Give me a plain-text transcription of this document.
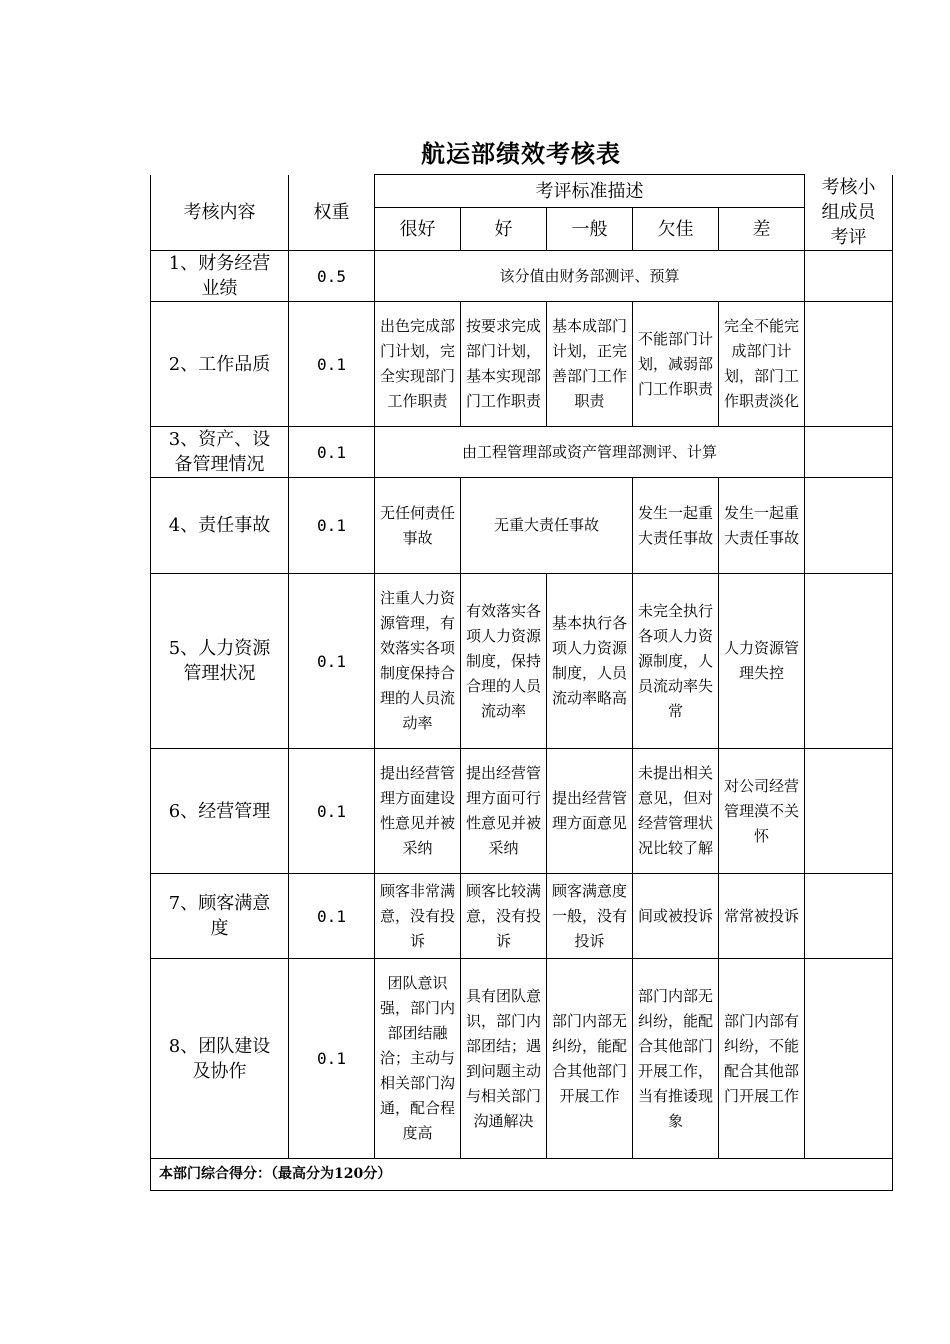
航运部绩效考核表
考核内容	权重	考评标准描述					考核小组成员考评
		很好	好	一般	欠佳	差	
1、财务经营业绩	0.5	该分值由财务部测评、预算					
2、工作品质	0.1	出色完成部门计划，完全实现部门工作职责	按要求完成部门计划，基本实现部门工作职责	基本成部门计划，正完善部门工作职责	不能部门计划，减弱部门工作职责	完全不能完成部门计划，部门工作职责淡化	
3、资产、设备管理情况	0.1	由工程管理部或资产管理部测评、计算					
4、责任事故	0.1	无任何责任事故	无重大责任事故		发生一起重大责任事故	发生一起重大责任事故	
5、人力资源管理状况	0.1	注重人力资源管理，有效落实各项制度保持合理的人员流动率	有效落实各项人力资源制度，保持合理的人员流动率	基本执行各项人力资源制度，人员流动率略高	未完全执行各项人力资源制度，人员流动率失常	人力资源管理失控	
6、经营管理	0.1	提出经营管理方面建设性意见并被采纳	提出经营管理方面可行性意见并被采纳	提出经营管理方面意见	未提出相关意见，但对经营管理状况比较了解	对公司经营管理漠不关怀	
7、顾客满意度	0.1	顾客非常满意，没有投诉	顾客比较满意，没有投诉	顾客满意度一般，没有投诉	间或被投诉	常常被投诉	
8、团队建设及协作	0.1	团队意识强，部门内部团结融洽；主动与相关部门沟通，配合程度高	具有团队意识，部门内部团结；遇到问题主动与相关部门沟通解决	部门内部无纠纷，能配合其他部门开展工作	部门内部无纠纷，能配合其他部门开展工作，当有推诿现象	部门内部有纠纷，不能配合其他部门开展工作	
本部门综合得分：（最高分为120分）							
